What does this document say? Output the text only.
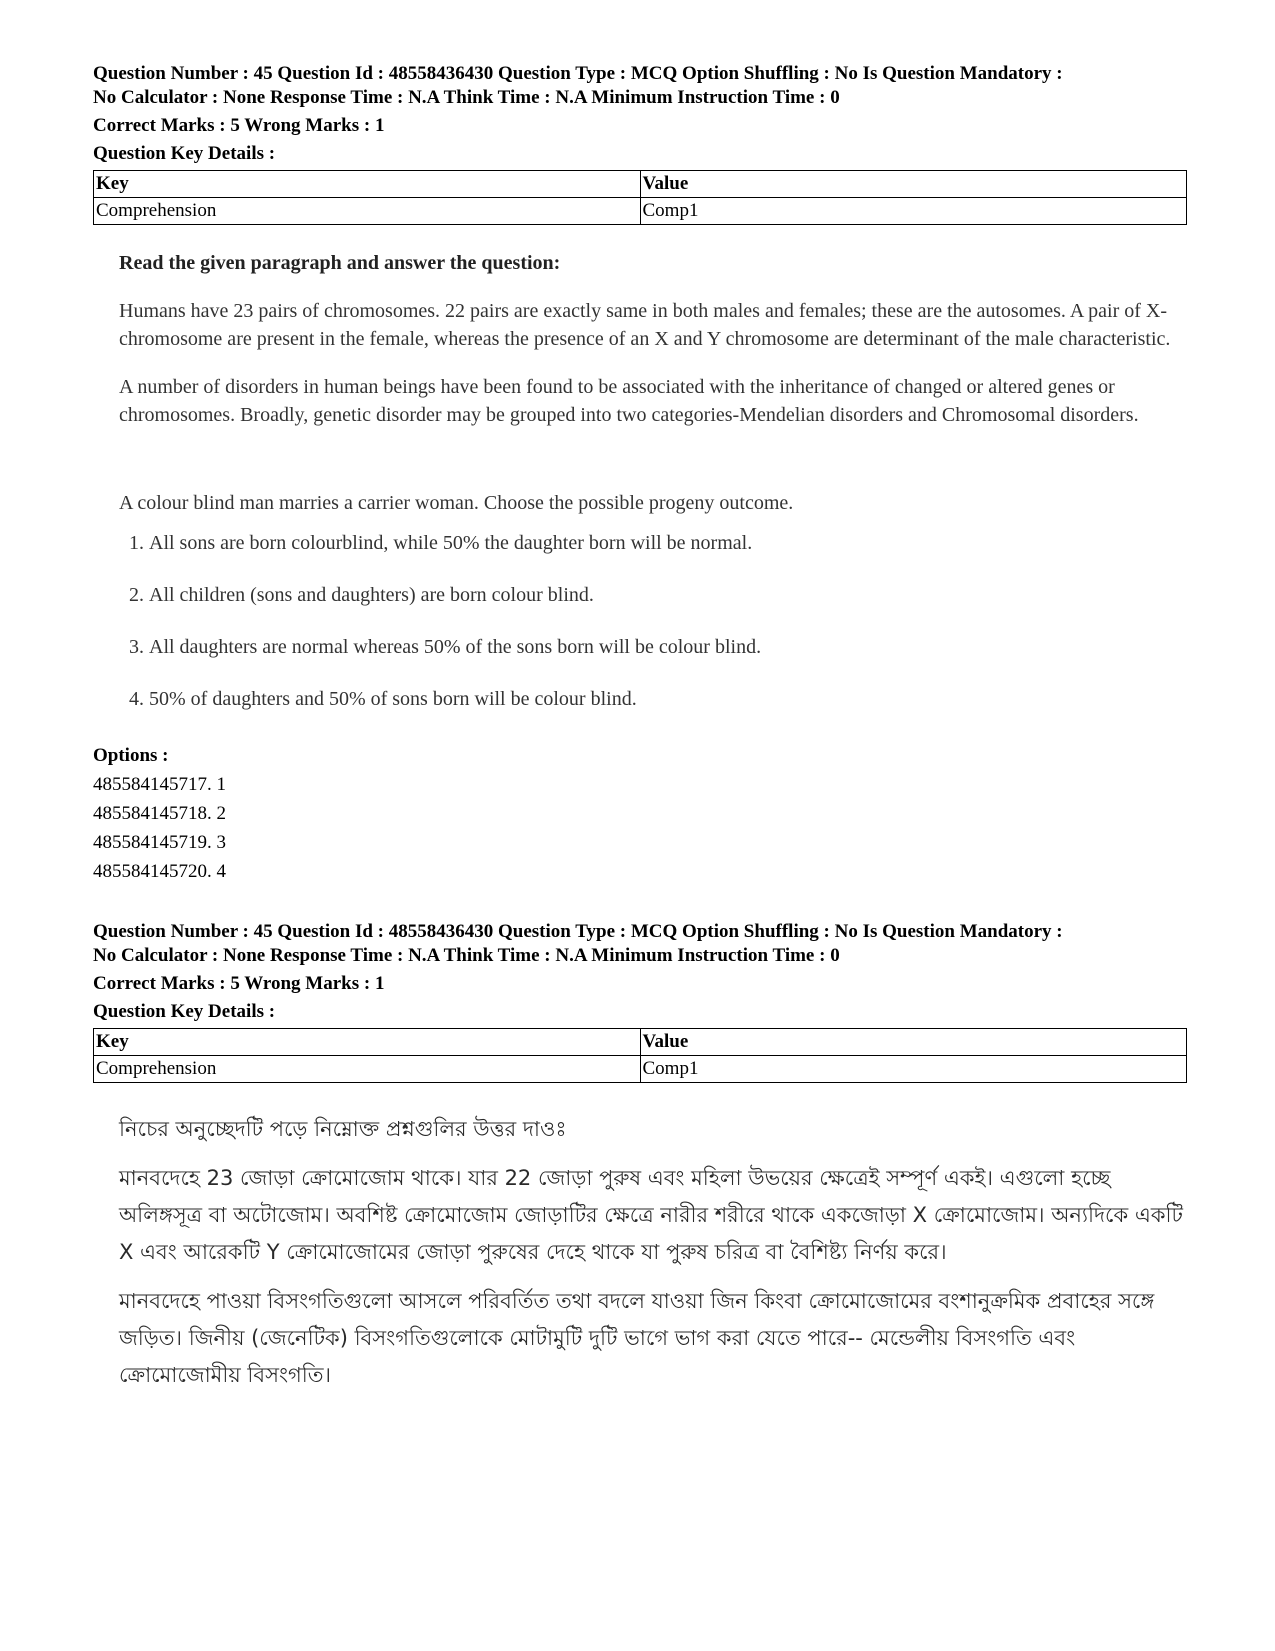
Question Number : 45 Question Id : 48558436430 Question Type : MCQ Option Shuffling : No Is Question Mandatory :

No Calculator : None Response Time : N.A Think Time : N.A Minimum Instruction Time : 0

Correct Marks : 5 Wrong Marks : 1

Question Key Details :

Key	Value
Comprehension	Comp1

Read the given paragraph and answer the question:

Humans have 23 pairs of chromosomes. 22 pairs are exactly same in both males and females; these are the autosomes. A pair of X-chromosome are present in the female, whereas the presence of an X and Y chromosome are determinant of the male characteristic.

A number of disorders in human beings have been found to be associated with the inheritance of changed or altered genes or chromosomes. Broadly, genetic disorder may be grouped into two categories-Mendelian disorders and Chromosomal disorders.

A colour blind man marries a carrier woman. Choose the possible progeny outcome.

1. All sons are born colourblind, while 50% the daughter born will be normal.
2. All children (sons and daughters) are born colour blind.
3. All daughters are normal whereas 50% of the sons born will be colour blind.
4. 50% of daughters and 50% of sons born will be colour blind.
Options :
485584145717. 1
485584145718. 2
485584145719. 3
485584145720. 4

Question Number : 45 Question Id : 48558436430 Question Type : MCQ Option Shuffling : No Is Question Mandatory :

No Calculator : None Response Time : N.A Think Time : N.A Minimum Instruction Time : 0

Correct Marks : 5 Wrong Marks : 1

Question Key Details :

Key	Value
Comprehension	Comp1

নিচের অনুচ্ছেদটি পড়ে নিম্নোক্ত প্রশ্নগুলির উত্তর দাওঃ

মানবদেহে 23 জোড়া ক্রোমোজোম থাকে। যার 22 জোড়া পুরুষ এবং মহিলা উভয়ের ক্ষেত্রেই সম্পূর্ণ একই। এগুলো হচ্ছে অলিঙ্গসূত্র বা অটোজোম। অবশিষ্ট ক্রোমোজোম জোড়াটির ক্ষেত্রে নারীর শরীরে থাকে একজোড়া X ক্রোমোজোম। অন্যদিকে একটি X এবং আরেকটি Y ক্রোমোজোমের জোড়া পুরুষের দেহে থাকে যা পুরুষ চরিত্র বা বৈশিষ্ট্য নির্ণয় করে।

মানবদেহে পাওয়া বিসংগতিগুলো আসলে পরিবর্তিত তথা বদলে যাওয়া জিন কিংবা ক্রোমোজোমের বংশানুক্রমিক প্রবাহের সঙ্গে জড়িত। জিনীয় (জেনেটিক) বিসংগতিগুলোকে মোটামুটি দুটি ভাগে ভাগ করা যেতে পারে-- মেন্ডেলীয় বিসংগতি এবং ক্রোমোজোমীয় বিসংগতি।
